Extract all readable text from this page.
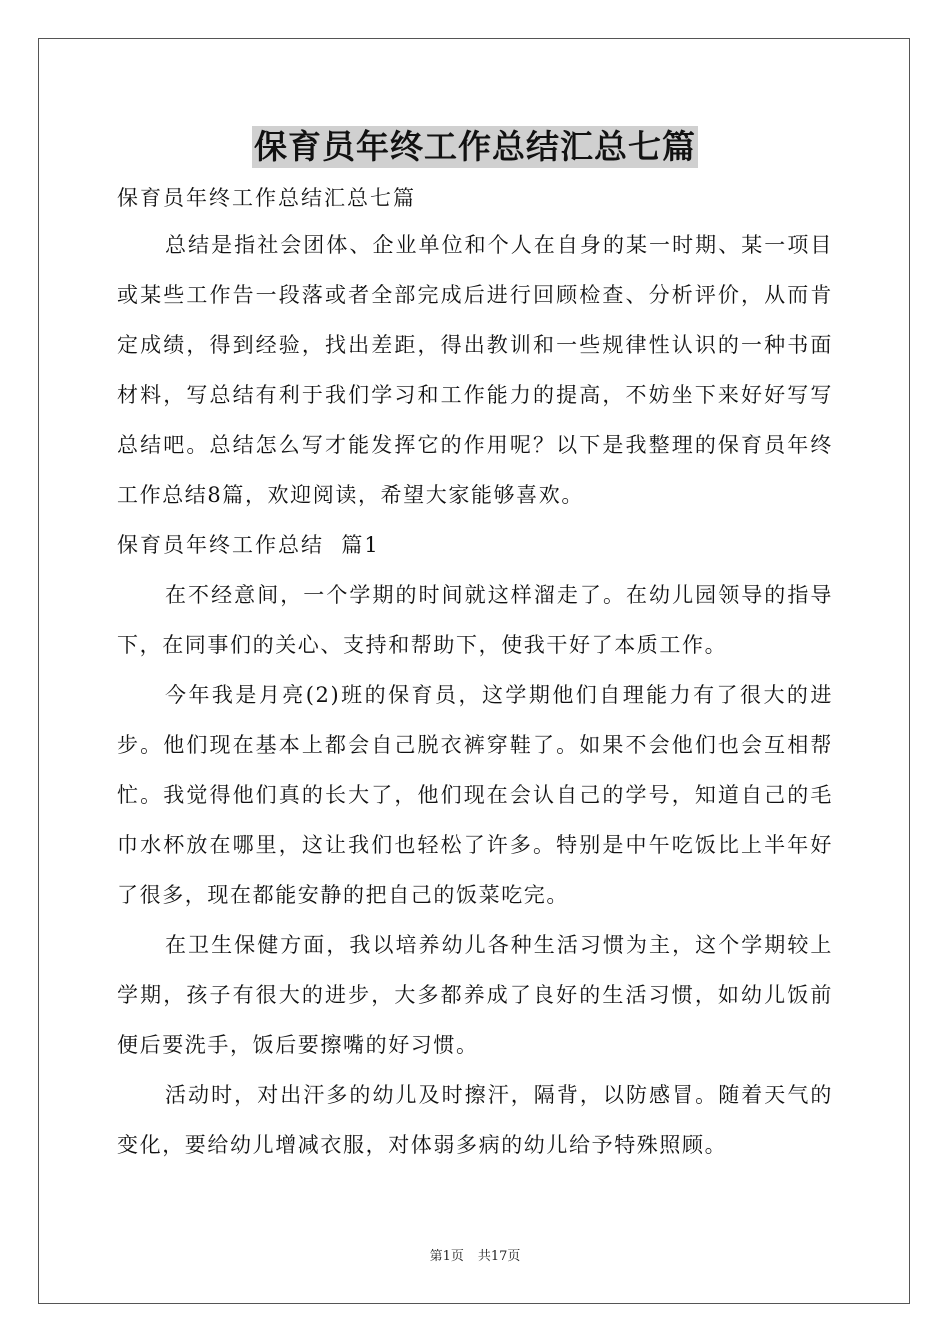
保育员年终工作总结汇总七篇

保育员年终工作总结汇总七篇

总结是指社会团体、企业单位和个人在自身的某一时期、某一项目或某些工作告一段落或者全部完成后进行回顾检查、分析评价，从而肯定成绩，得到经验，找出差距，得出教训和一些规律性认识的一种书面材料，写总结有利于我们学习和工作能力的提高，不妨坐下来好好写写总结吧。总结怎么写才能发挥它的作用呢？以下是我整理的保育员年终工作总结8篇，欢迎阅读，希望大家能够喜欢。

保育员年终工作总结  篇1

在不经意间，一个学期的时间就这样溜走了。在幼儿园领导的指导下，在同事们的关心、支持和帮助下，使我干好了本质工作。

今年我是月亮(2)班的保育员，这学期他们自理能力有了很大的进步。他们现在基本上都会自己脱衣裤穿鞋了。如果不会他们也会互相帮忙。我觉得他们真的长大了，他们现在会认自己的学号，知道自己的毛巾水杯放在哪里，这让我们也轻松了许多。特别是中午吃饭比上半年好了很多，现在都能安静的把自己的饭菜吃完。

在卫生保健方面，我以培养幼儿各种生活习惯为主，这个学期较上学期，孩子有很大的进步，大多都养成了良好的生活习惯，如幼儿饭前便后要洗手，饭后要擦嘴的好习惯。

活动时，对出汗多的幼儿及时擦汗，隔背，以防感冒。随着天气的变化，要给幼儿增减衣服，对体弱多病的幼儿给予特殊照顾。

第1页 共17页
